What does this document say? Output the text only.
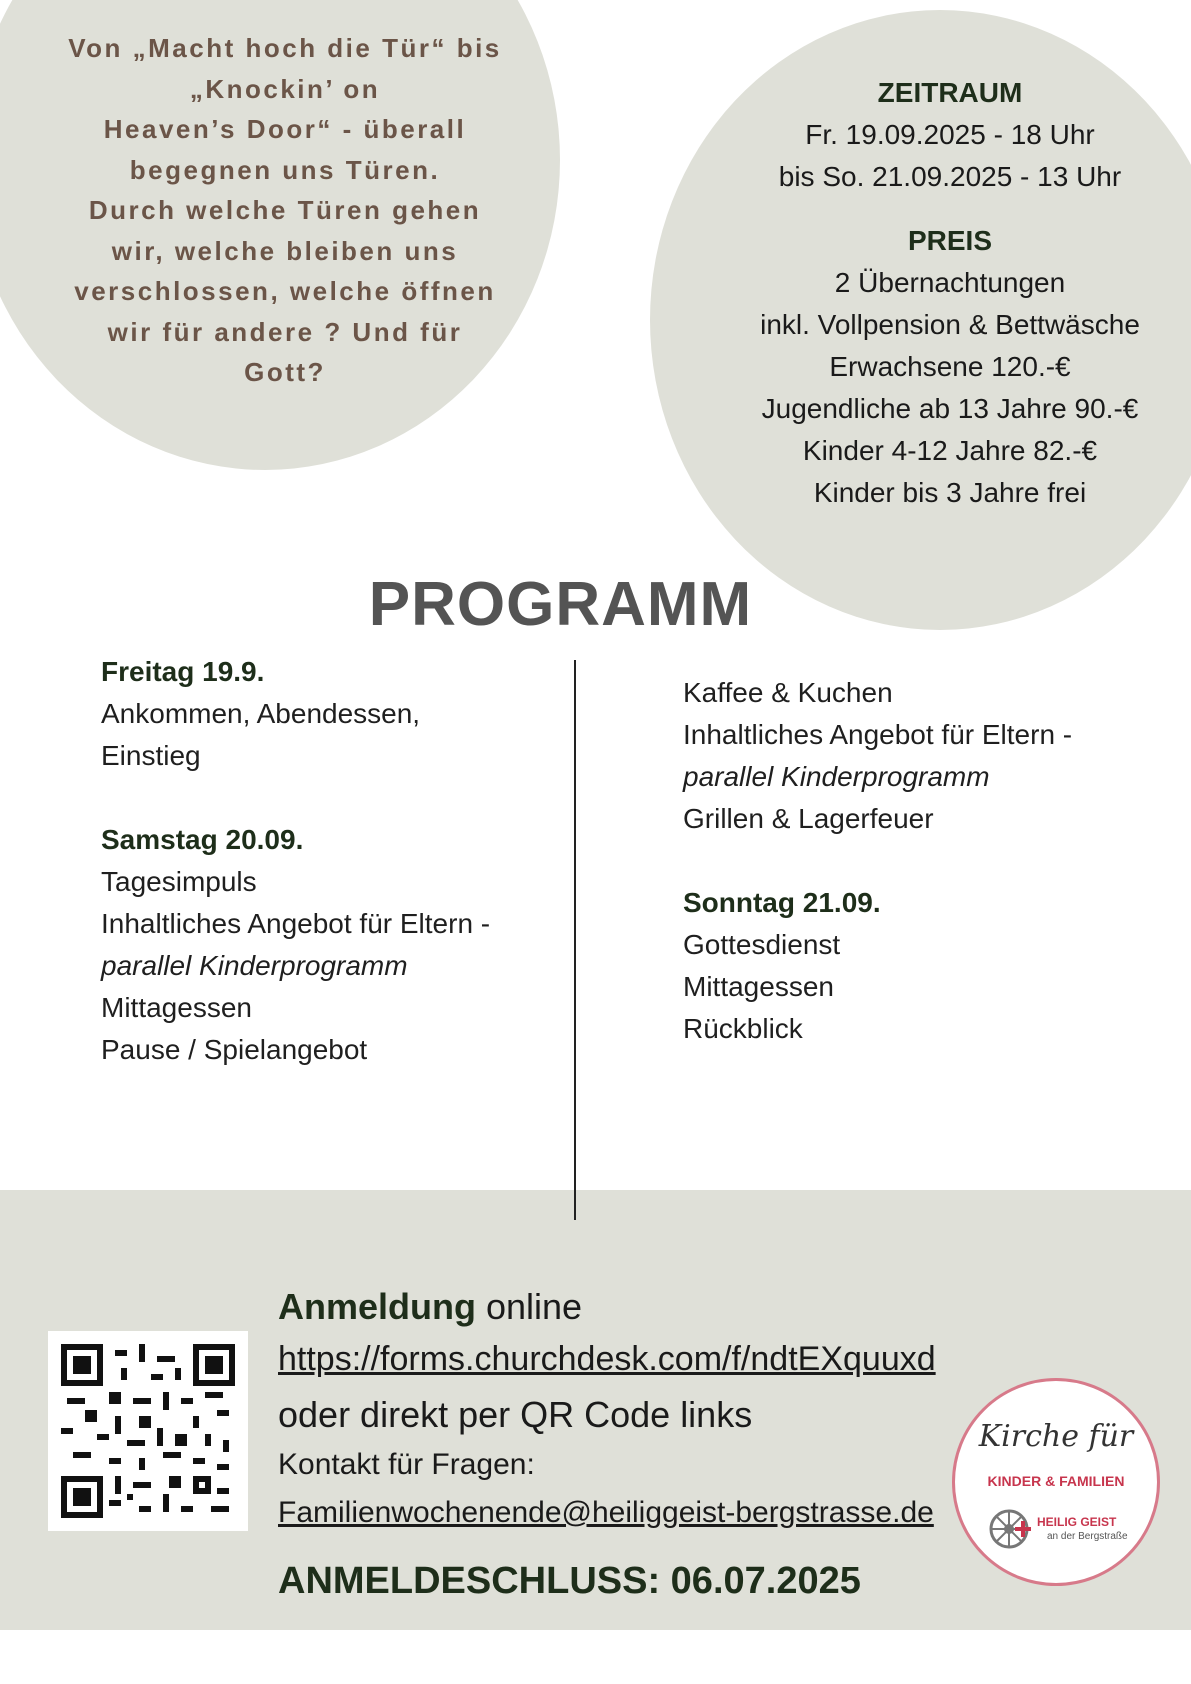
Von „Macht hoch die Tür“ bis
„Knockin’ on
Heaven’s Door“ - überall
begegnen uns Türen.
Durch welche Türen gehen
wir, welche bleiben uns
verschlossen, welche öffnen
wir für andere ? Und für
Gott?
ZEITRAUM
Fr. 19.09.2025 - 18 Uhr
bis So. 21.09.2025 - 13 Uhr
PREIS
2 Übernachtungen
inkl. Vollpension & Bettwäsche
Erwachsene 120.-€
Jugendliche ab 13 Jahre 90.-€
Kinder 4-12 Jahre 82.-€
Kinder bis 3 Jahre frei
PROGRAMM
Freitag 19.9.
Ankommen, Abendessen,
Einstieg
Samstag 20.09.
Tagesimpuls
Inhaltliches Angebot für Eltern -
parallel Kinderprogramm
Mittagessen
Pause / Spielangebot
Kaffee & Kuchen
Inhaltliches Angebot für Eltern -
parallel Kinderprogramm
Grillen & Lagerfeuer
Sonntag 21.09.
Gottesdienst
Mittagessen
Rückblick
Anmeldung online
https://forms.churchdesk.com/f/ndtEXquuxd
oder direkt per QR Code links
Kontakt für Fragen:
Familienwochenende@heiliggeist-bergstrasse.de
ANMELDESCHLUSS: 06.07.2025
Kirche für
KINDER & FAMILIEN
HEILIG GEIST
an der Bergstraße
